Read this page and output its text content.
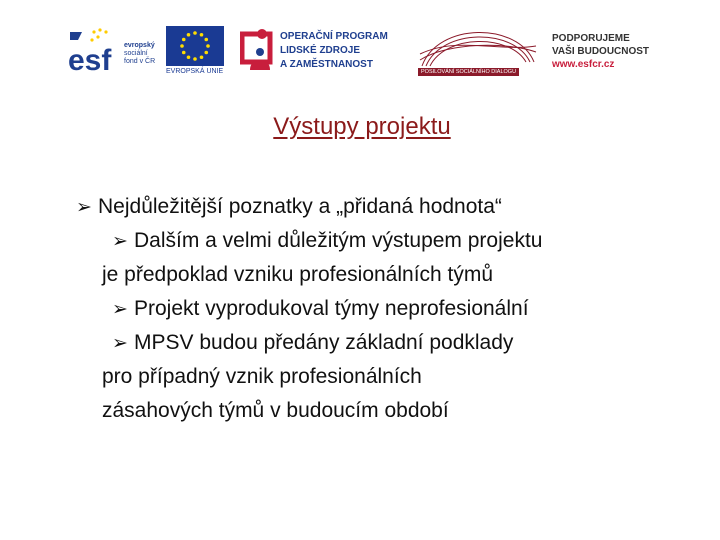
esf evropský
sociální
fond v ČR
EVROPSKÁ UNIE
OPERAČNÍ PROGRAM
LIDSKÉ ZDROJE
A ZAMĚSTNANOST
POSILOVÁNÍ SOCIÁLNÍHO DIALOGU
PODPORUJEME
VAŠI BUDOUCNOST
www.esfcr.cz
Výstupy projektu
➢ Nejdůležitější poznatky a „přidaná hodnota“
➢ Dalším a velmi důležitým výstupem projektu
je předpoklad vzniku profesionálních týmů
➢ Projekt vyprodukoval týmy neprofesionální
➢ MPSV budou předány základní podklady
pro případný vznik profesionálních
zásahových týmů v budoucím období
